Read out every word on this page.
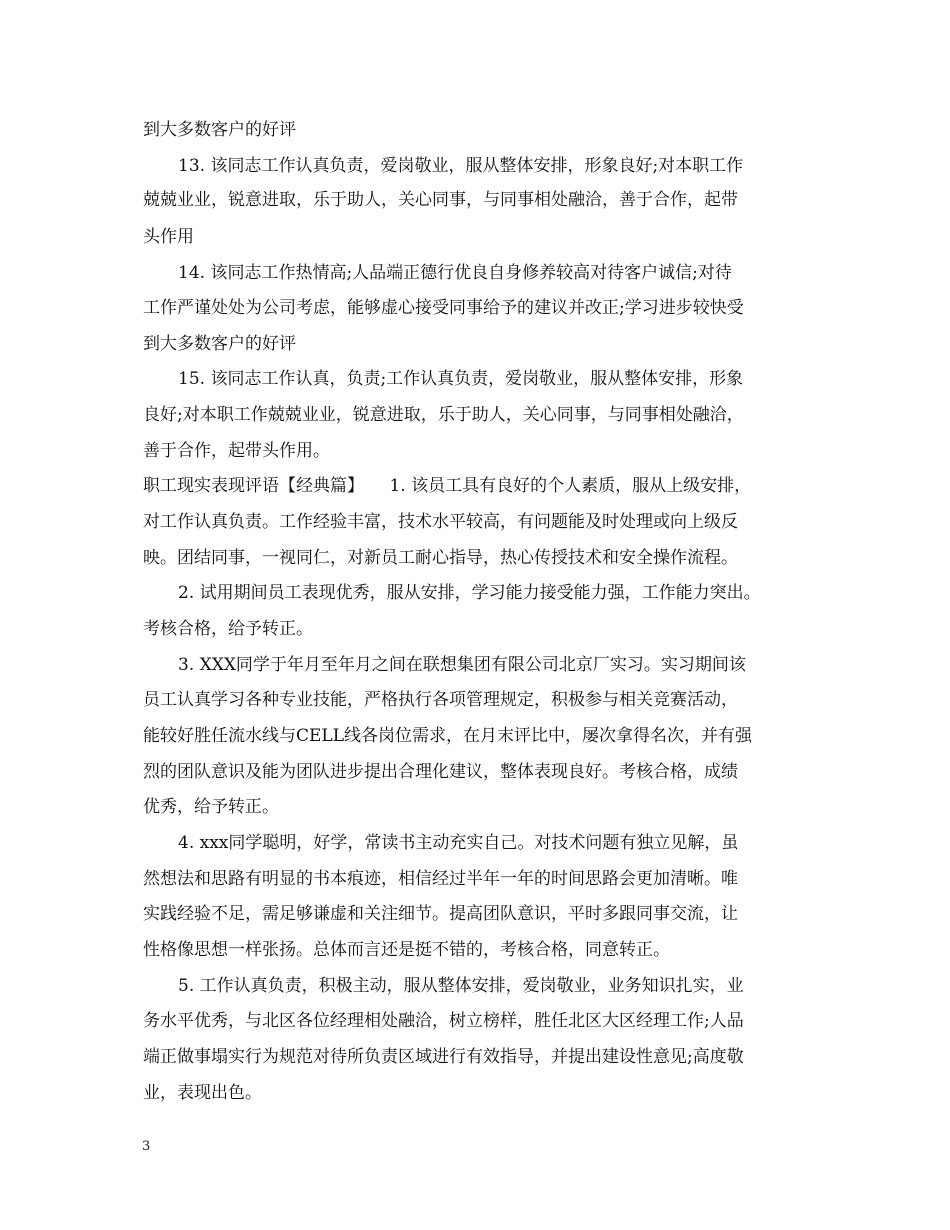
到大多数客户的好评
13. 该同志工作认真负责，爱岗敬业，服从整体安排，形象良好;对本职工作
兢兢业业，锐意进取，乐于助人，关心同事，与同事相处融洽，善于合作，起带
头作用
14. 该同志工作热情高;人品端正德行优良自身修养较高对待客户诚信;对待
工作严谨处处为公司考虑，能够虚心接受同事给予的建议并改正;学习进步较快受
到大多数客户的好评
15. 该同志工作认真，负责;工作认真负责，爱岗敬业，服从整体安排，形象
良好;对本职工作兢兢业业，锐意进取，乐于助人，关心同事，与同事相处融洽，
善于合作，起带头作用。
职工现实表现评语【经典篇】　　1. 该员工具有良好的个人素质，服从上级安排，
对工作认真负责。工作经验丰富，技术水平较高，有问题能及时处理或向上级反
映。团结同事，一视同仁，对新员工耐心指导，热心传授技术和安全操作流程。
2. 试用期间员工表现优秀，服从安排，学习能力接受能力强，工作能力突出。
考核合格，给予转正。
3. XXX同学于年月至年月之间在联想集团有限公司北京厂实习。实习期间该
员工认真学习各种专业技能，严格执行各项管理规定，积极参与相关竞赛活动，
能较好胜任流水线与CELL线各岗位需求，在月末评比中，屡次拿得名次，并有强
烈的团队意识及能为团队进步提出合理化建议，整体表现良好。考核合格，成绩
优秀，给予转正。
4. xxx同学聪明，好学，常读书主动充实自己。对技术问题有独立见解，虽
然想法和思路有明显的书本痕迹，相信经过半年一年的时间思路会更加清晰。唯
实践经验不足，需足够谦虚和关注细节。提高团队意识，平时多跟同事交流，让
性格像思想一样张扬。总体而言还是挺不错的，考核合格，同意转正。
5. 工作认真负责，积极主动，服从整体安排，爱岗敬业，业务知识扎实，业
务水平优秀，与北区各位经理相处融洽，树立榜样，胜任北区大区经理工作;人品
端正做事塌实行为规范对待所负责区域进行有效指导，并提出建设性意见;高度敬
业，表现出色。
3
